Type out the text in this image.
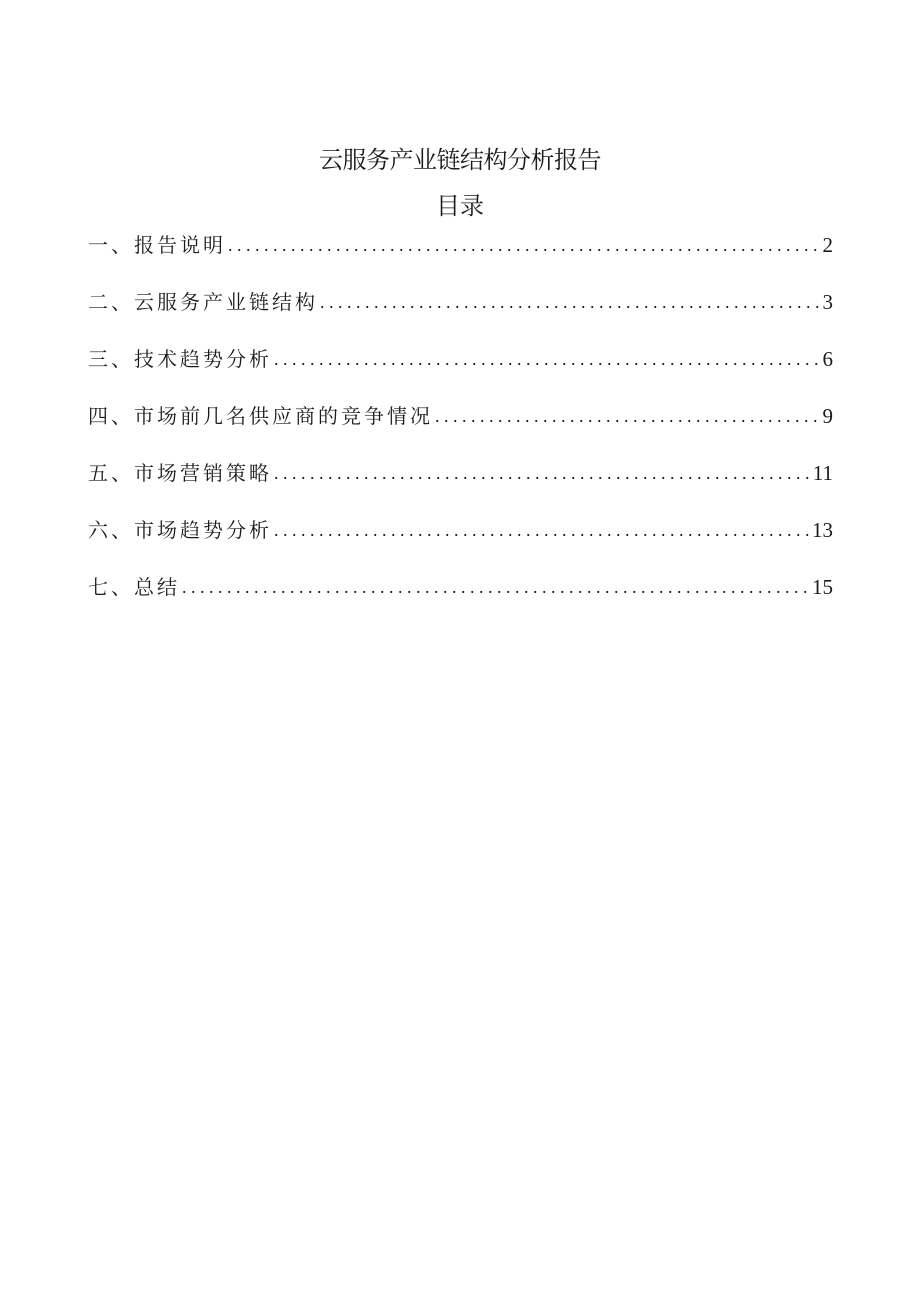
云服务产业链结构分析报告
目录
一、报告说明 . . .	2
二、云服务产业链结构 . . .	3
三、技术趋势分析 . . .	6
四、市场前几名供应商的竞争情况 . . .	9
五、市场营销策略 . . .	11
六、市场趋势分析 . . .	13
七、总结 . . .	15
